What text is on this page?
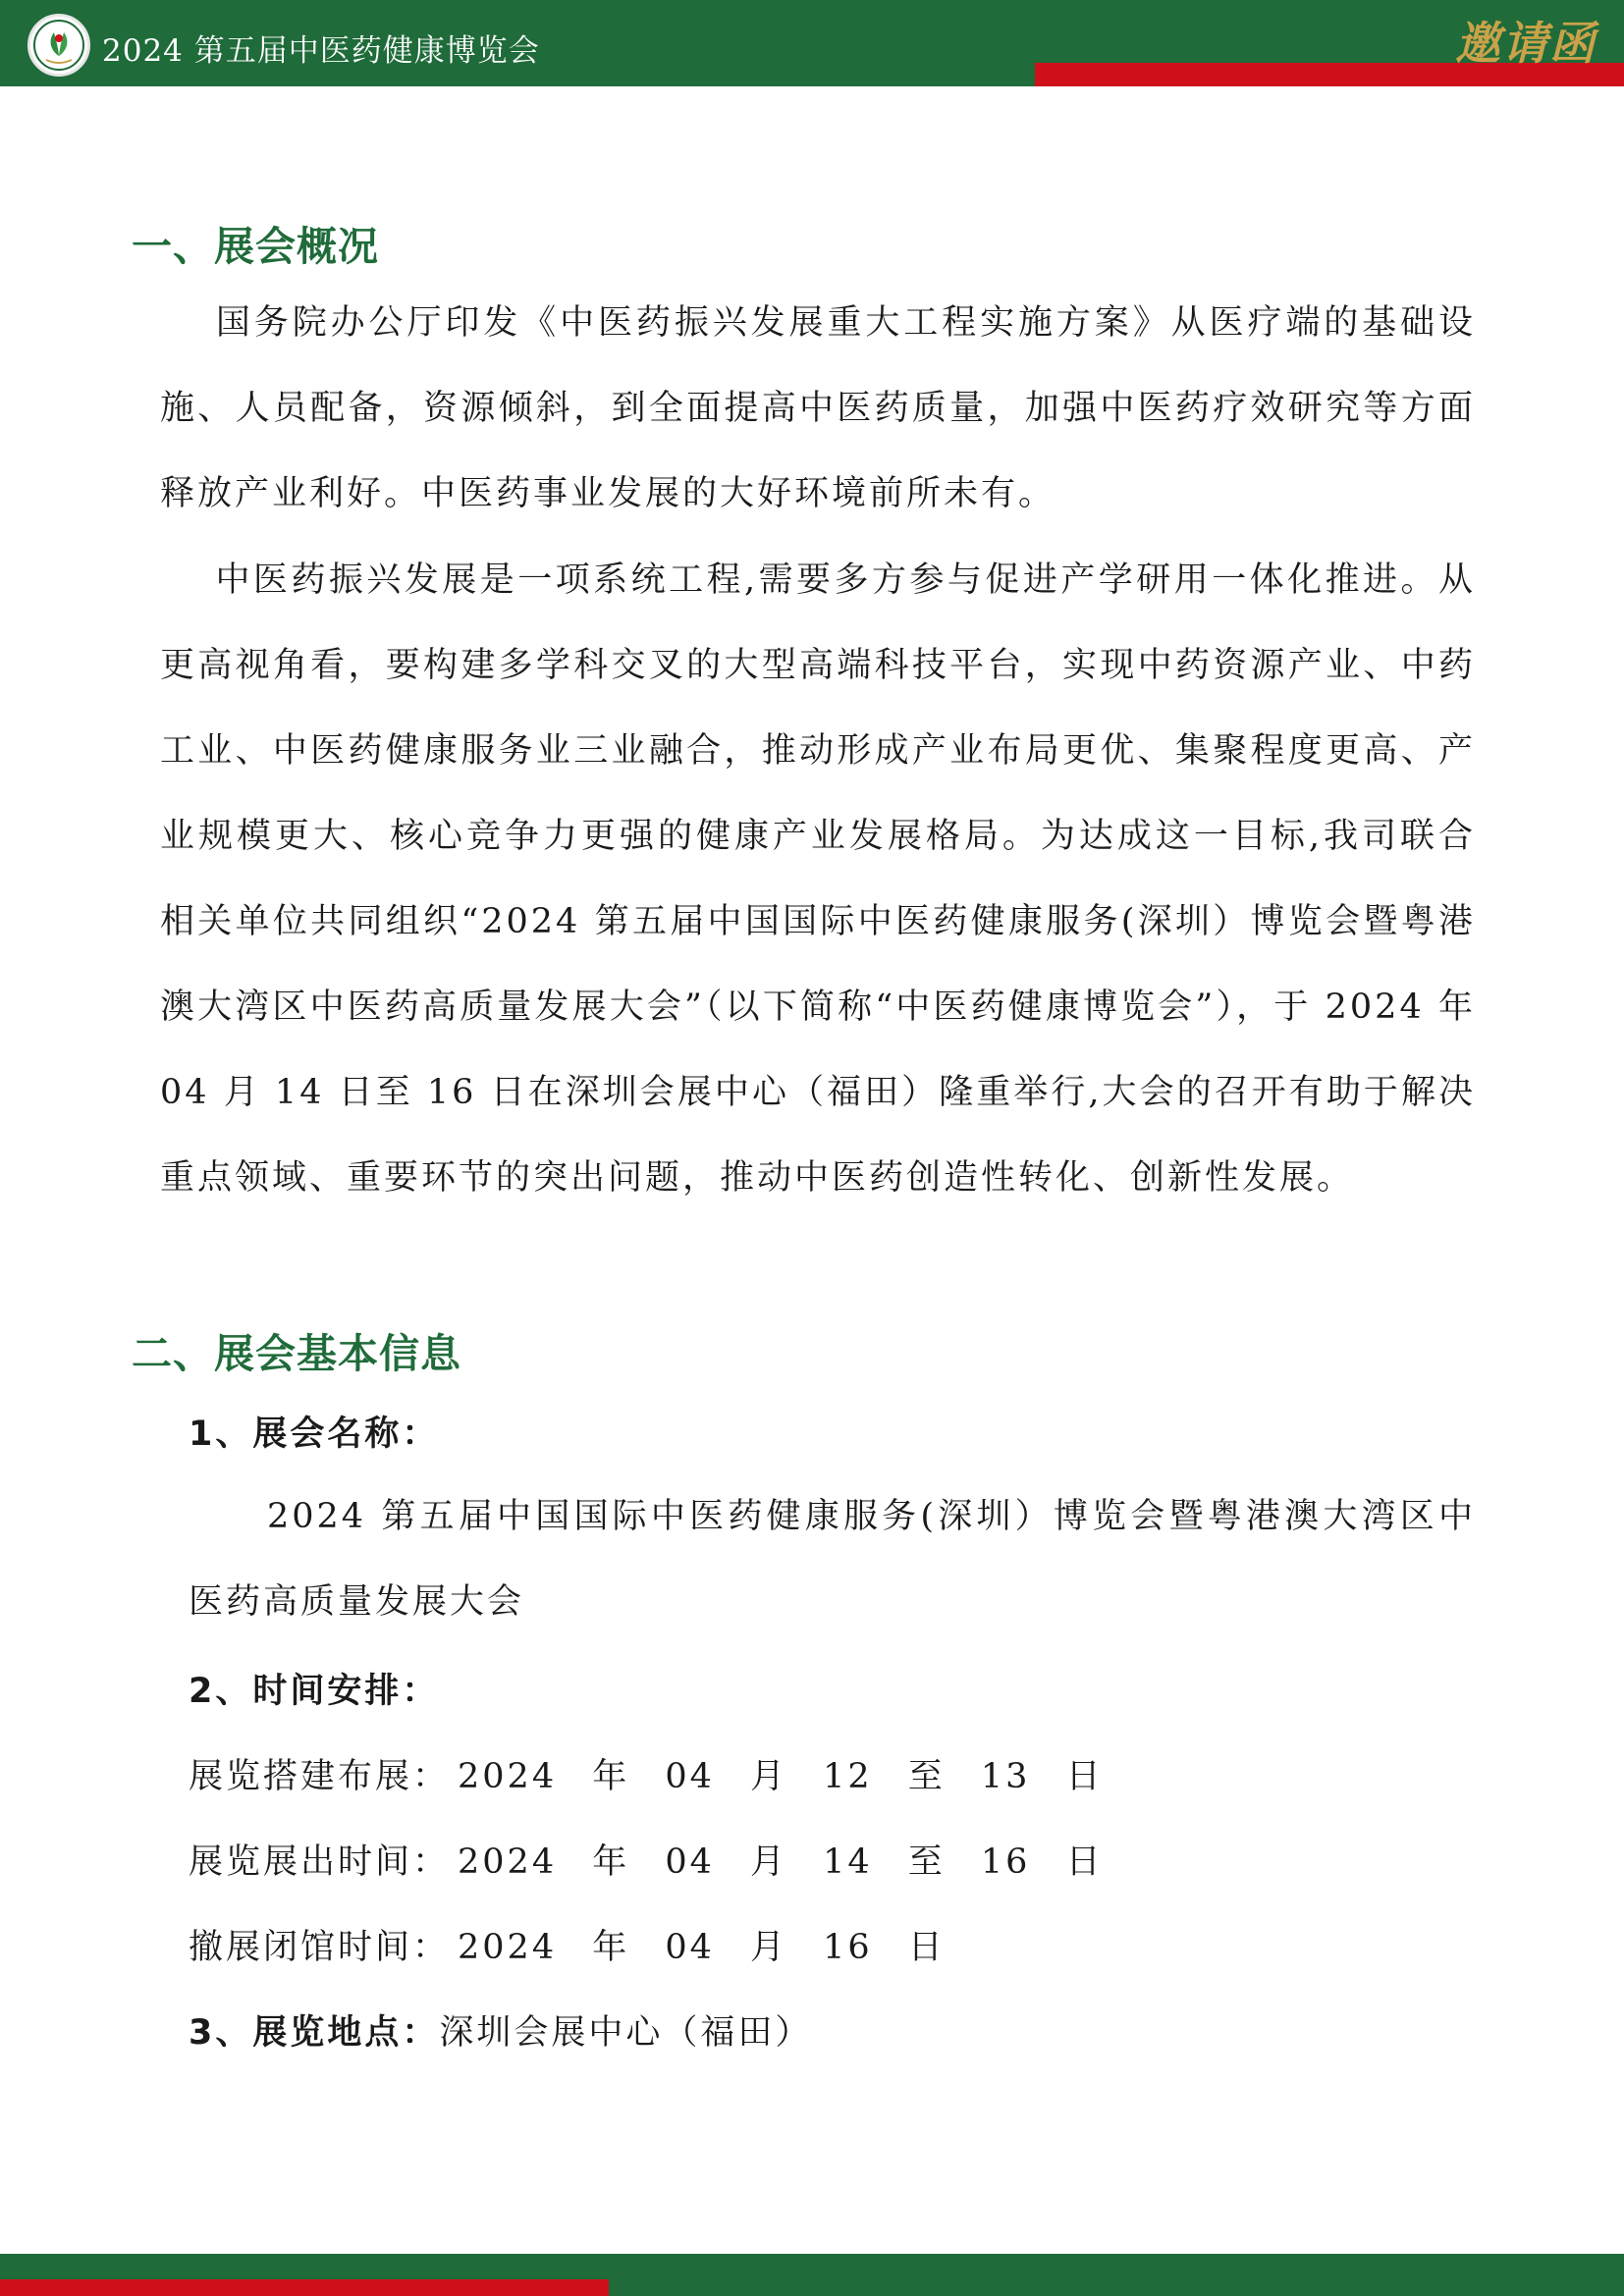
2024 第五届中医药健康博览会	邀请函
一、展会概况
国务院办公厅印发《中医药振兴发展重大工程实施方案》从医疗端的基础设施、人员配备，资源倾斜，到全面提高中医药质量，加强中医药疗效研究等方面释放产业利好。中医药事业发展的大好环境前所未有。
中医药振兴发展是一项系统工程,需要多方参与促进产学研用一体化推进。从更高视角看，要构建多学科交叉的大型高端科技平台，实现中药资源产业、中药工业、中医药健康服务业三业融合，推动形成产业布局更优、集聚程度更高、产业规模更大、核心竞争力更强的健康产业发展格局。为达成这一目标,我司联合相关单位共同组织“2024 第五届中国国际中医药健康服务(深圳）博览会暨粤港澳大湾区中医药高质量发展大会”（以下简称“中医药健康博览会”），于 2024 年 04 月 14 日至 16 日在深圳会展中心（福田）隆重举行,大会的召开有助于解决重点领域、重要环节的突出问题，推动中医药创造性转化、创新性发展。
二、展会基本信息
1、展会名称：
2024 第五届中国国际中医药健康服务(深圳）博览会暨粤港澳大湾区中医药高质量发展大会
2、时间安排：
展览搭建布展： 2024 年 04 月 12 至 13 日
展览展出时间： 2024 年 04 月 14 至 16 日
撤展闭馆时间： 2024 年 04 月 16 日
3、展览地点：深圳会展中心（福田）
